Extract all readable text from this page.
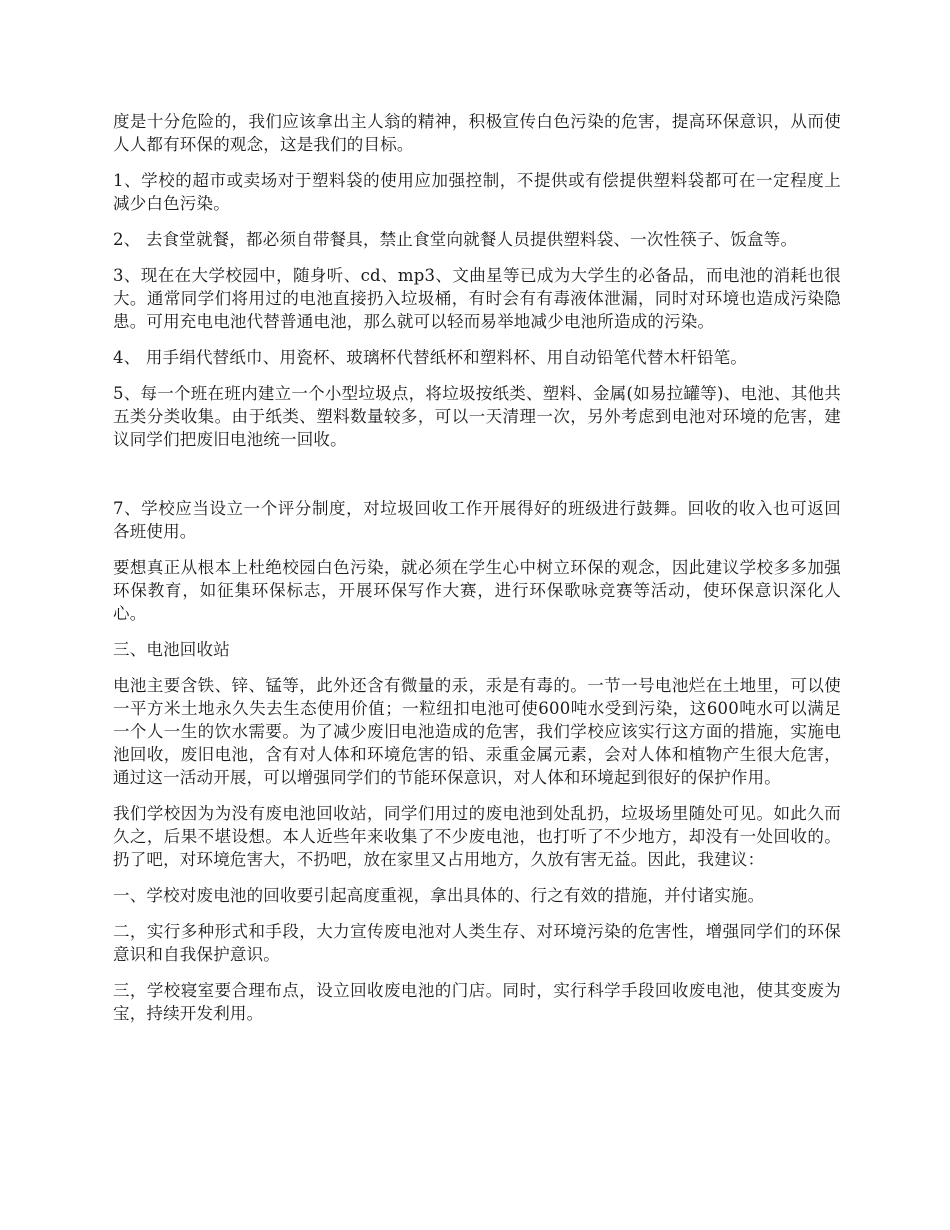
度是十分危险的，我们应该拿出主人翁的精神，积极宣传白色污染的危害，提高环保意识，从而使人人都有环保的观念，这是我们的目标。

1、学校的超市或卖场对于塑料袋的使用应加强控制，不提供或有偿提供塑料袋都可在一定程度上减少白色污染。

2、 去食堂就餐，都必须自带餐具，禁止食堂向就餐人员提供塑料袋、一次性筷子、饭盒等。

3、现在在大学校园中，随身听、cd、mp3、文曲星等已成为大学生的必备品，而电池的消耗也很大。通常同学们将用过的电池直接扔入垃圾桶，有时会有有毒液体泄漏，同时对环境也造成污染隐患。可用充电电池代替普通电池，那么就可以轻而易举地减少电池所造成的污染。

4、 用手绢代替纸巾、用瓷杯、玻璃杯代替纸杯和塑料杯、用自动铅笔代替木杆铅笔。

5、每一个班在班内建立一个小型垃圾点，将垃圾按纸类、塑料、金属(如易拉罐等)、电池、其他共五类分类收集。由于纸类、塑料数量较多，可以一天清理一次，另外考虑到电池对环境的危害，建议同学们把废旧电池统一回收。

7、学校应当设立一个评分制度，对垃圾回收工作开展得好的班级进行鼓舞。回收的收入也可返回各班使用。

要想真正从根本上杜绝校园白色污染，就必须在学生心中树立环保的观念，因此建议学校多多加强环保教育，如征集环保标志，开展环保写作大赛，进行环保歌咏竞赛等活动，使环保意识深化人心。

三、电池回收站

电池主要含铁、锌、锰等，此外还含有微量的汞，汞是有毒的。一节一号电池烂在土地里，可以使一平方米土地永久失去生态使用价值；一粒纽扣电池可使600吨水受到污染，这600吨水可以满足一个人一生的饮水需要。为了减少废旧电池造成的危害，我们学校应该实行这方面的措施，实施电池回收，废旧电池，含有对人体和环境危害的铅、汞重金属元素，会对人体和植物产生很大危害，通过这一活动开展，可以增强同学们的节能环保意识，对人体和环境起到很好的保护作用。

我们学校因为为没有废电池回收站，同学们用过的废电池到处乱扔，垃圾场里随处可见。如此久而久之，后果不堪设想。本人近些年来收集了不少废电池，也打听了不少地方，却没有一处回收的。扔了吧，对环境危害大，不扔吧，放在家里又占用地方，久放有害无益。因此，我建议：

一、学校对废电池的回收要引起高度重视，拿出具体的、行之有效的措施，并付诸实施。

二，实行多种形式和手段，大力宣传废电池对人类生存、对环境污染的危害性，增强同学们的环保意识和自我保护意识。

三，学校寝室要合理布点，设立回收废电池的门店。同时，实行科学手段回收废电池，使其变废为宝，持续开发利用。
